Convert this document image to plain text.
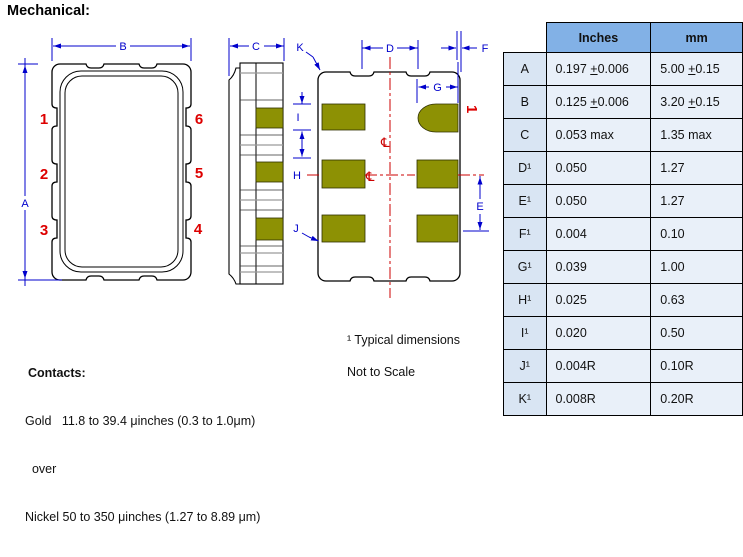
Mechanical:
1
2
3
6
5
4
A
B	C
℄
℄
1
K	D	F
G
I
H
J
E
	Inches	mm
A	0.197 +0.006	5.00 +0.15
B	0.125 +0.006	3.20 +0.15
C	0.053 max	1.35 max
D¹	0.050	1.27
E¹	0.050	1.27
F¹	0.004	0.10
G¹	0.039	1.00
H¹	0.025	0.63
I¹	0.020	0.50
J¹	0.004R	0.10R
K¹	0.008R	0.20R
¹ Typical dimensions
Not to Scale

Contacts:

Gold   11.8 to 39.4 μinches (0.3 to 1.0μm)

over

Nickel 50 to 350 μinches (1.27 to 8.89 μm)
